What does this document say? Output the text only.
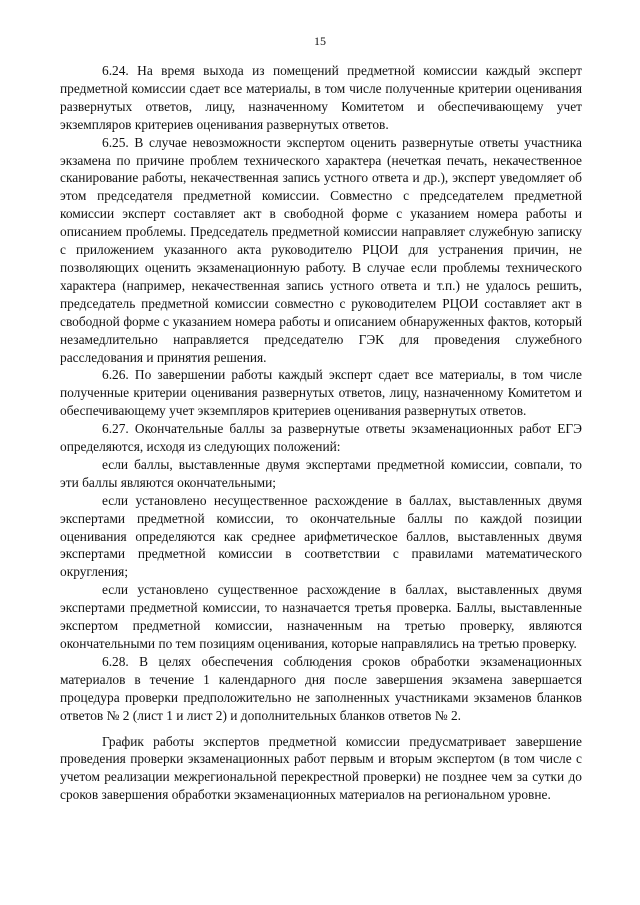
15

6.24. На время выхода из помещений предметной комиссии каждый эксперт предметной комиссии сдает все материалы, в том числе полученные критерии оценивания развернутых ответов, лицу, назначенному Комитетом и обеспечивающему учет экземпляров критериев оценивания развернутых ответов.

6.25. В случае невозможности экспертом оценить развернутые ответы участника экзамена по причине проблем технического характера (нечеткая печать, некачественное сканирование работы, некачественная запись устного ответа и др.), эксперт уведомляет об этом председателя предметной комиссии. Совместно с председателем предметной комиссии эксперт составляет акт в свободной форме с указанием номера работы и описанием проблемы. Председатель предметной комиссии направляет служебную записку с приложением указанного акта руководителю РЦОИ для устранения причин, не позволяющих оценить экзаменационную работу. В случае если проблемы технического характера (например, некачественная запись устного ответа и т.п.) не удалось решить, председатель предметной комиссии совместно с руководителем РЦОИ составляет акт в свободной форме с указанием номера работы и описанием обнаруженных фактов, который незамедлительно направляется председателю ГЭК для проведения служебного расследования и принятия решения.

6.26. По завершении работы каждый эксперт сдает все материалы, в том числе полученные критерии оценивания развернутых ответов, лицу, назначенному Комитетом и обеспечивающему учет экземпляров критериев оценивания развернутых ответов.

6.27. Окончательные баллы за развернутые ответы экзаменационных работ ЕГЭ определяются, исходя из следующих положений:

если баллы, выставленные двумя экспертами предметной комиссии, совпали, то эти баллы являются окончательными;

если установлено несущественное расхождение в баллах, выставленных двумя экспертами предметной комиссии, то окончательные баллы по каждой позиции оценивания определяются как среднее арифметическое баллов, выставленных двумя экспертами предметной комиссии в соответствии с правилами математического округления;

если установлено существенное расхождение в баллах, выставленных двумя экспертами предметной комиссии, то назначается третья проверка. Баллы, выставленные экспертом предметной комиссии, назначенным на третью проверку, являются окончательными по тем позициям оценивания, которые направлялись на третью проверку.

6.28. В целях обеспечения соблюдения сроков обработки экзаменационных материалов в течение 1 календарного дня после завершения экзамена завершается процедура проверки предположительно не заполненных участниками экзаменов бланков ответов № 2 (лист 1 и лист 2) и дополнительных бланков ответов № 2.

График работы экспертов предметной комиссии предусматривает завершение проведения проверки экзаменационных работ первым и вторым экспертом (в том числе с учетом реализации межрегиональной перекрестной проверки) не позднее чем за сутки до сроков завершения обработки экзаменационных материалов на региональном уровне.
